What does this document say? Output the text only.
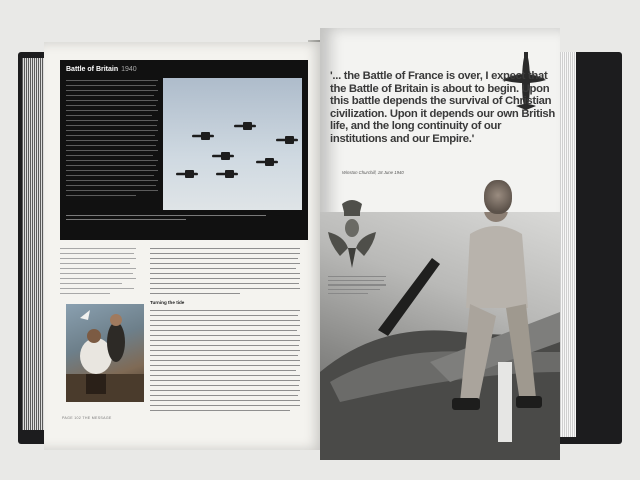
Battle of Britain 1940
Turning the tide
PAGE 102 THE MESSAGE
'... the Battle of France is over, I expect that the Battle of Britain is about to begin. Upon this battle depends the survival of Christian civilization. Upon it depends our own British life, and the long continuity of our institutions and our Empire.'
Winston Churchill, 18 June 1940
